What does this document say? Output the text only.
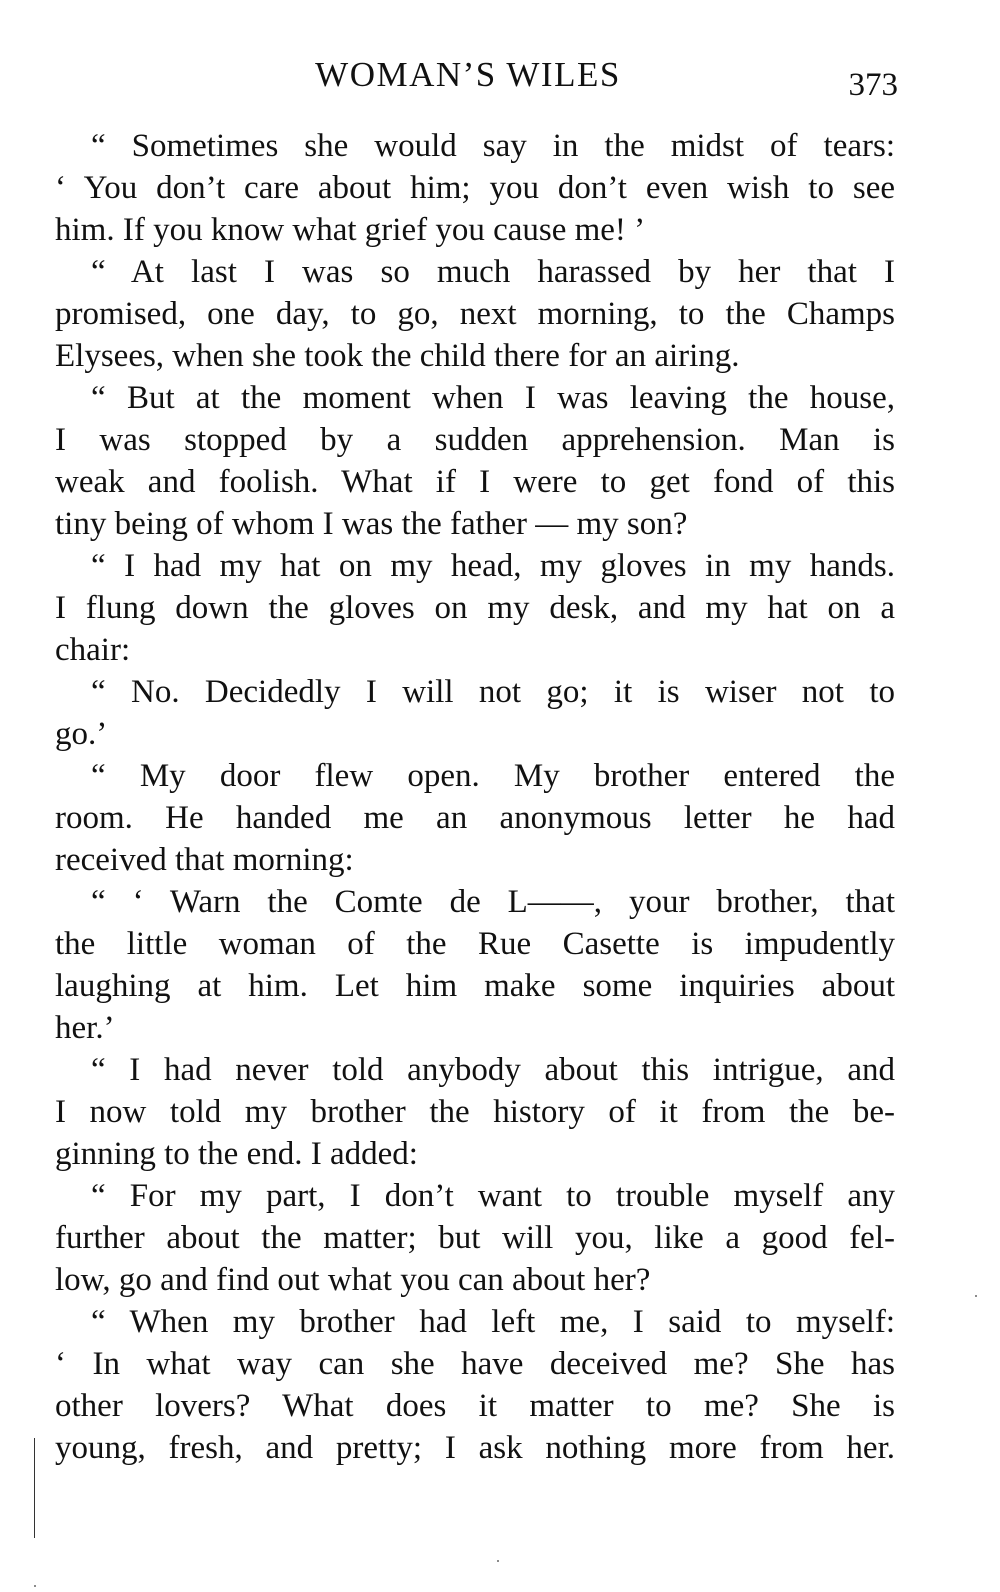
WOMAN’S WILES	373
“ Sometimes she would say in the midst of tears:
‘ You don’t care about him; you don’t even wish to see
him. If you know what grief you cause me! ’
“ At last I was so much harassed by her that I
promised, one day, to go, next morning, to the Champs
Elysees, when she took the child there for an airing.
“ But at the moment when I was leaving the house,
I was stopped by a sudden apprehension. Man is
weak and foolish. What if I were to get fond of this
tiny being of whom I was the father — my son?
“ I had my hat on my head, my gloves in my hands.
I flung down the gloves on my desk, and my hat on a
chair:
“ No. Decidedly I will not go; it is wiser not to
go.’
“ My door flew open. My brother entered the
room. He handed me an anonymous letter he had
received that morning:
“ ‘ Warn the Comte de L——, your brother, that
the little woman of the Rue Casette is impudently
laughing at him. Let him make some inquiries about
her.’
“ I had never told anybody about this intrigue, and
I now told my brother the history of it from the be-
ginning to the end. I added:
“ For my part, I don’t want to trouble myself any
further about the matter; but will you, like a good fel-
low, go and find out what you can about her?
“ When my brother had left me, I said to myself:
‘ In what way can she have deceived me? She has
other lovers? What does it matter to me? She is
young, fresh, and pretty; I ask nothing more from her.
